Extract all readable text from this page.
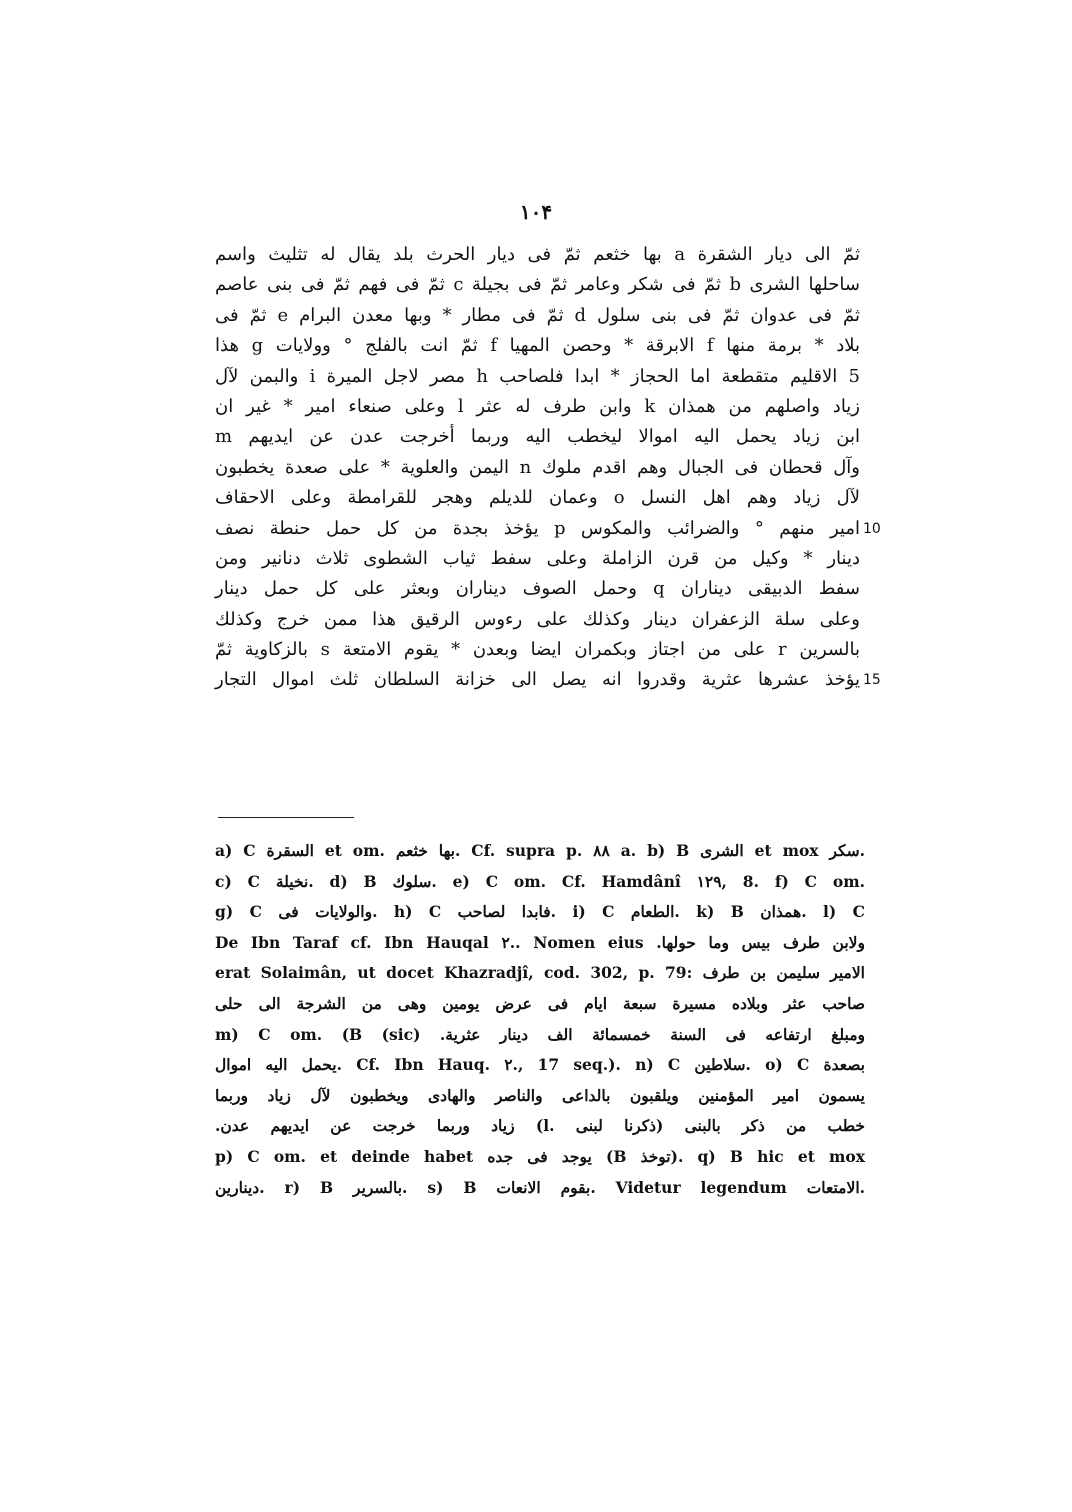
١٠۴
ثمّ الى ديار الشقرة a بها خثعم ثمّ فى ديار الحرث بلد يقال له تثليث واسم
ساحلها الشرى b ثمّ فى شكر وعامر ثمّ فى بجيلة c ثمّ فى فهم ثمّ فى بنى عاصم
ثمّ فى عدوان ثمّ فى بنى سلول d ثمّ فى مطار * وبها معدن البرام e ثمّ فى
بلاد * برمة منها f الابرقة * وحصن المهيا f ثمّ انت بالفلج ° وولايات g هذا
5 الاقليم متقطعة اما الحجاز * ابدا فلصاحب h مصر لاجل الميرة i والبمن لآل
زياد واصلهم من همذان k وابن طرف له عثر l وعلى صنعاء امير * غير ان
ابن زياد يحمل اليه اموالا ليخطب اليه وربما أخرجت عدن عن ايديهم m
وآل قحطان فى الجبال وهم اقدم ملوك n اليمن والعلوية * على صعدة يخطبون
لآل زياد وهم اهل النسل o وعمان للديلم وهجر للقرامطة وعلى الاحقاف
امير منهم ° والضرائب والمكوس p يؤخذ بجدة من كل حمل حنطة نصف 10
دينار * وكيل من قرن الزاملة وعلى سفط ثياب الشطوى ثلاث دنانير ومن
سفط الدبيقى ديناران q وحمل الصوف ديناران وبعثر على كل حمل دينار
وعلى سلة الزعفران دينار وكذلك على رءوس الرقيق هذا ممن خرج وكذلك
بالسرين r على من اجتاز وبكمران ايضا وبعدن * يقوم الامتعة s بالزكاوية ثمّ
يؤخذ عشرها عثرية وقدروا انه يصل الى خزانة السلطان ثلث اموال التجار 15
a) C السقرة et om. بها خثعم. Cf. supra p. ۸۸ a. b) B الشرى et mox سكر.
c) C نخيلة. d) B سلوك. e) C om. Cf. Hamdânî ۱۲۹, 8. f) C om.
g) C والولايات فى. h) C فابدا لصاحب. i) C الطعام. k) B همذان. l) C
ولابن طرف بيس وما حولها. De Ibn Taraf cf. Ibn Hauqal ۲.. Nomen eius
erat Solaimân, ut docet Khazradjî, cod. 302, p. 79: الامير سليمن بن طرف
صاحب عثر وبلاده مسيرة سبعة ايام فى عرض يومين وهى من الشرجة الى حلى
ومبلغ ارتفاعه فى السنة خمسمائة الف دينار عثرية. (sic) m) C om. (B
يحمل اليه اموال. Cf. Ibn Hauq. ۲., 17 seq.). n) C سلاطين. o) C بصعدة
يسمون امير المؤمنين ويلقبون بالداعى والناصر والهادى ويخطبون لآل زياد وربما
خطب من ذكر بالبنى (ذكرنا لبنى .l) زياد وربما خرجت عن ايديهم عدن.
p) C om. et deinde habet يوجد فى جده (B توخذ). q) B hic et mox
دينارين. r) B بالسرير. s) B بقوم الانعات. Videtur legendum الامتعات.
